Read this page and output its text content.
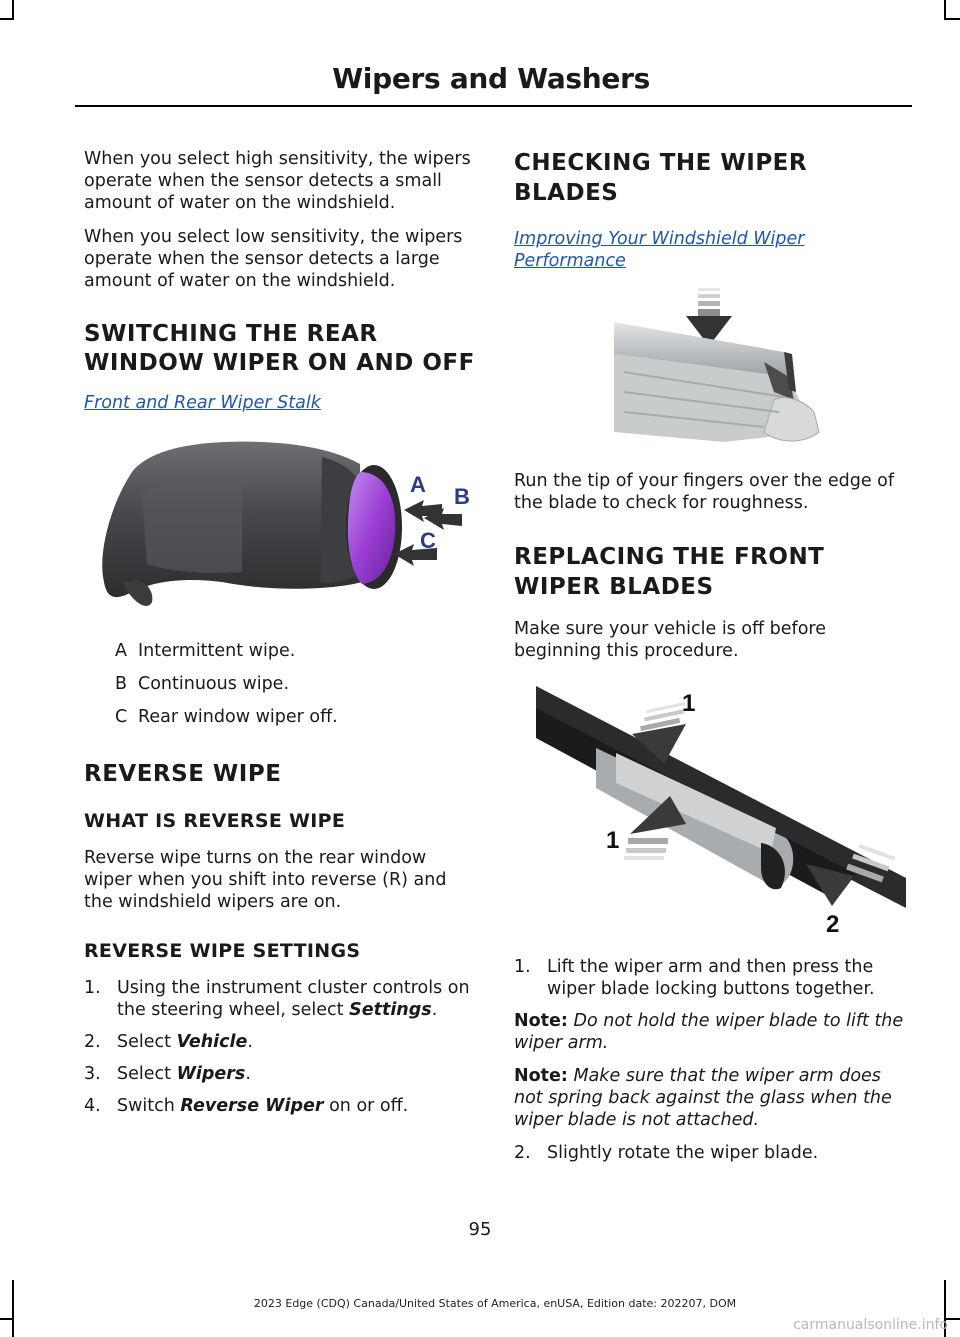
Wipers and Washers

When you select high sensitivity, the wipers operate when the sensor detects a small amount of water on the windshield.

When you select low sensitivity, the wipers operate when the sensor detects a large amount of water on the windshield.

SWITCHING THE REAR WINDOW WIPER ON AND OFF
Front and Rear Wiper Stalk
A B
C
A Intermittent wipe.
B Continuous wipe.
C Rear window wiper off.
REVERSE WIPE
WHAT IS REVERSE WIPE

Reverse wipe turns on the rear window wiper when you shift into reverse (R) and the windshield wipers are on.

REVERSE WIPE SETTINGS
1. Using the instrument cluster controls on the steering wheel, select Settings.
2. Select Vehicle.
3. Select Wipers.
4. Switch Reverse Wiper on or off.
CHECKING THE WIPER BLADES
Improving Your Windshield Wiper Performance

Run the tip of your fingers over the edge of the blade to check for roughness.

REPLACING THE FRONT WIPER BLADES

Make sure your vehicle is off before beginning this procedure.

1
1
2
1. Lift the wiper arm and then press the wiper blade locking buttons together.
Note: Do not hold the wiper blade to lift the wiper arm.
Note: Make sure that the wiper arm does not spring back against the glass when the wiper blade is not attached.
2. Slightly rotate the wiper blade.
95
2023 Edge (CDQ) Canada/United States of America, enUSA, Edition date: 202207, DOM
carmanualsonline.info
